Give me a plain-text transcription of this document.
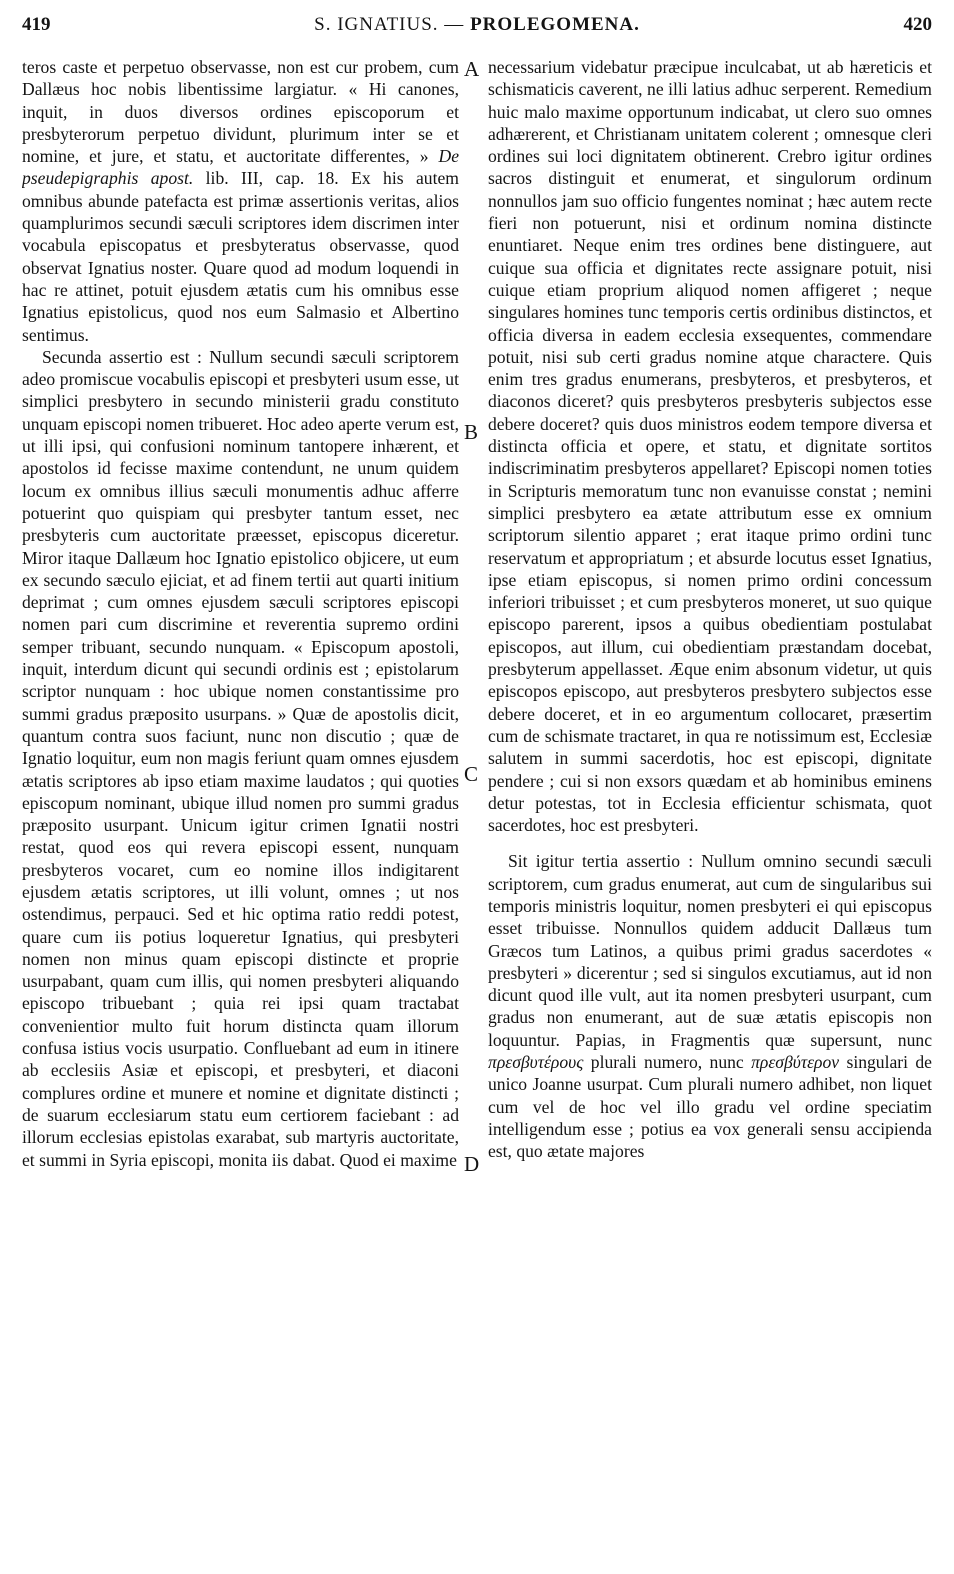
419	S. IGNATIUS. — PROLEGOMENA.	420

teros caste et perpetuo observasse, non est cur probem, cum Dallæus hoc nobis libentissime largiatur. « Hi canones, inquit, in duos diversos ordines episcoporum et presbyterorum perpetuo dividunt, plurimum inter se et nomine, et jure, et statu, et auctoritate differentes, » De pseudepigraphis apost. lib. III, cap. 18. Ex his autem omnibus abunde patefacta est primæ assertionis veritas, alios quamplurimos secundi sæculi scriptores idem discrimen inter vocabula episcopatus et presbyteratus observasse, quod observat Ignatius noster. Quare quod ad modum loquendi in hac re attinet, potuit ejusdem ætatis cum his omnibus esse Ignatius epistolicus, quod nos eum Salmasio et Albertino sentimus.

Secunda assertio est : Nullum secundi sæculi scriptorem adeo promiscue vocabulis episcopi et presbyteri usum esse, ut simplici presbytero in secundo ministerii gradu constituto unquam episcopi nomen tribueret. Hoc adeo aperte verum est, ut illi ipsi, qui confusioni nominum tantopere inhærent, et apostolos id fecisse maxime contendunt, ne unum quidem locum ex omnibus illius sæculi monumentis adhuc afferre potuerint quo quispiam qui presbyter tantum esset, nec presbyteris cum auctoritate præesset, episcopus diceretur. Miror itaque Dallæum hoc Ignatio epistolico objicere, ut eum ex secundo sæculo ejiciat, et ad finem tertii aut quarti initium deprimat ; cum omnes ejusdem sæculi scriptores episcopi nomen pari cum discrimine et reverentia supremo ordini semper tribuant, secundo nunquam. « Episcopum apostoli, inquit, interdum dicunt qui secundi ordinis est ; epistolarum scriptor nunquam : hoc ubique nomen constantissime pro summi gradus præposito usurpans. » Quæ de apostolis dicit, quantum contra suos faciunt, nunc non discutio ; quæ de Ignatio loquitur, eum non magis feriunt quam omnes ejusdem ætatis scriptores ab ipso etiam maxime laudatos ; qui quoties episcopum nominant, ubique illud nomen pro summi gradus præposito usurpant. Unicum igitur crimen Ignatii nostri restat, quod eos qui revera episcopi essent, nunquam presbyteros vocaret, cum eo nomine illos indigitarent ejusdem ætatis scriptores, ut illi volunt, omnes ; ut nos ostendimus, perpauci. Sed et hic optima ratio reddi potest, quare cum iis potius loqueretur Ignatius, qui presbyteri nomen non minus quam episcopi distincte et proprie usurpabant, quam cum illis, qui nomen presbyteri aliquando episcopo tribuebant ; quia rei ipsi quam tractabat convenientior multo fuit horum distincta quam illorum confusa istius vocis usurpatio. Confluebant ad eum in itinere ab ecclesiis Asiæ et episcopi, et presbyteri, et diaconi complures ordine et munere et nomine et dignitate distincti ; de suarum ecclesiarum statu eum certiorem faciebant : ad illorum ecclesias epistolas exarabat, sub martyris auctoritate, et summi in Syria episcopi, monita iis dabat. Quod ei maxime

A
B
C
D

necessarium videbatur præcipue inculcabat, ut ab hæreticis et schismaticis caverent, ne illi latius adhuc serperent. Remedium huic malo maxime opportunum indicabat, ut clero suo omnes adhærerent, et Christianam unitatem colerent ; omnesque cleri ordines sui loci dignitatem obtinerent. Crebro igitur ordines sacros distinguit et enumerat, et singulorum ordinum nonnullos jam suo officio fungentes nominat ; hæc autem recte fieri non potuerunt, nisi et ordinum nomina distincte enuntiaret. Neque enim tres ordines bene distinguere, aut cuique sua officia et dignitates recte assignare potuit, nisi cuique etiam proprium aliquod nomen affigeret ; neque singulares homines tunc temporis certis ordinibus distinctos, et officia diversa in eadem ecclesia exsequentes, commendare potuit, nisi sub certi gradus nomine atque charactere. Quis enim tres gradus enumerans, presbyteros, et presbyteros, et diaconos diceret? quis presbyteros presbyteris subjectos esse debere doceret? quis duos ministros eodem tempore diversa et distincta officia et opere, et statu, et dignitate sortitos indiscriminatim presbyteros appellaret? Episcopi nomen toties in Scripturis memoratum tunc non evanuisse constat ; nemini simplici presbytero ea ætate attributum esse ex omnium scriptorum silentio apparet ; erat itaque primo ordini tunc reservatum et appropriatum ; et absurde locutus esset Ignatius, ipse etiam episcopus, si nomen primo ordini concessum inferiori tribuisset ; et cum presbyteros moneret, ut suo quique episcopo parerent, ipsos a quibus obedientiam postulabat episcopos, aut illum, cui obedientiam præstandam docebat, presbyterum appellasset. Æque enim absonum videtur, ut quis episcopos episcopo, aut presbyteros presbytero subjectos esse debere doceret, et in eo argumentum collocaret, præsertim cum de schismate tractaret, in qua re notissimum est, Ecclesiæ salutem in summi sacerdotis, hoc est episcopi, dignitate pendere ; cui si non exsors quædam et ab hominibus eminens detur potestas, tot in Ecclesia efficientur schismata, quot sacerdotes, hoc est presbyteri.

Sit igitur tertia assertio : Nullum omnino secundi sæculi scriptorem, cum gradus enumerat, aut cum de singularibus sui temporis ministris loquitur, nomen presbyteri ei qui episcopus esset tribuisse. Nonnullos quidem adducit Dallæus tum Græcos tum Latinos, a quibus primi gradus sacerdotes « presbyteri » dicerentur ; sed si singulos excutiamus, aut id non dicunt quod ille vult, aut ita nomen presbyteri usurpant, cum gradus non enumerant, aut de suæ ætatis episcopis non loquuntur. Papias, in Fragmentis quæ supersunt, nunc πρεσβυτέρους plurali numero, nunc πρεσβύτερον singulari de unico Joanne usurpat. Cum plurali numero adhibet, non liquet cum vel de hoc vel illo gradu vel ordine speciatim intelligendum esse ; potius ea vox generali sensu accipienda est, quo ætate majores
